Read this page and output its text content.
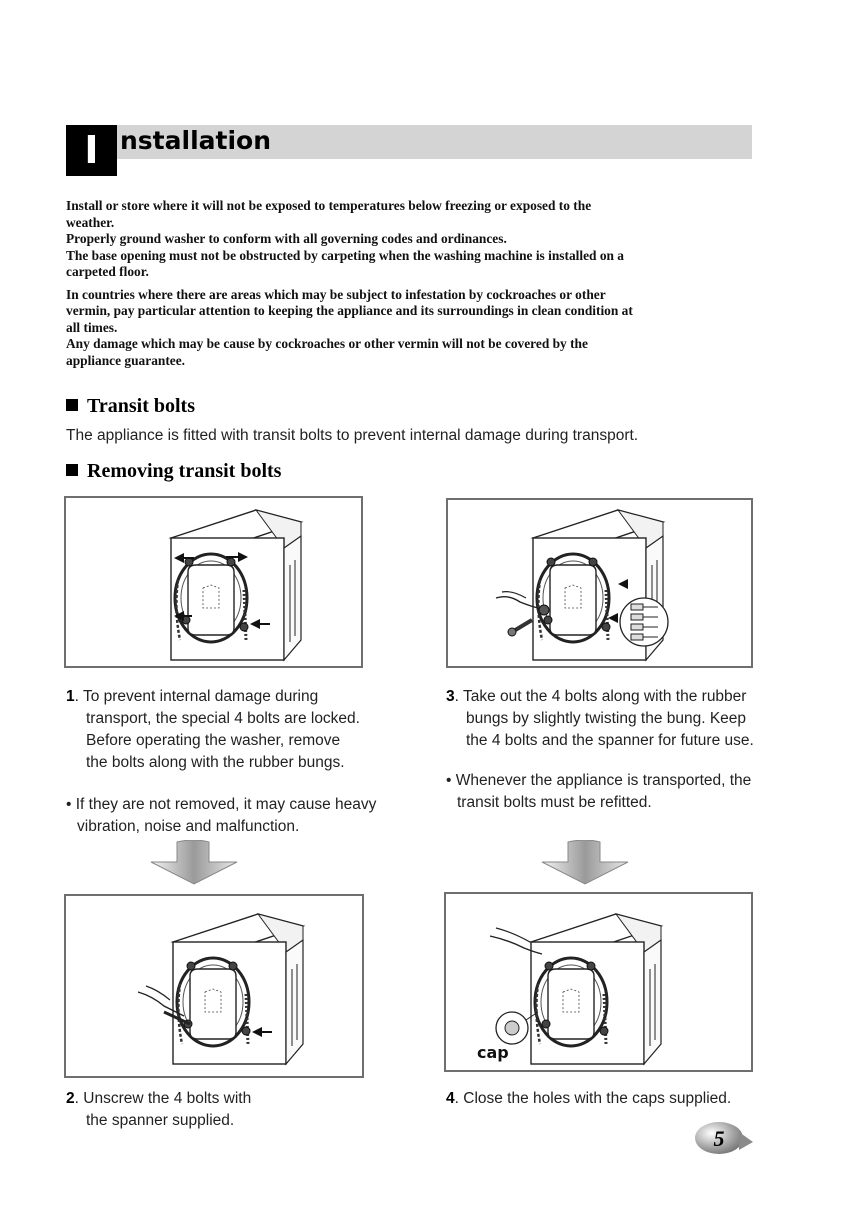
I nstallation

Install or store where it will not be exposed to temperatures below freezing or exposed to the
weather.

Properly ground washer to conform with all governing codes and ordinances.

The base opening must not be obstructed by carpeting when the washing machine is installed on a
carpeted floor.

In countries where there are areas which may be subject to infestation by cockroaches or other
vermin, pay particular attention to keeping the appliance and its surroundings in clean condition at
all times.

Any damage which may be cause by cockroaches or other vermin will not be covered by the
appliance guarantee.

Transit bolts
The appliance is fitted with transit bolts to prevent internal damage during transport.
Removing transit bolts
1. To prevent internal damage during
transport, the special 4 bolts are locked.
Before operating the washer, remove
the bolts along with the rubber bungs.
• If they are not removed, it may cause heavy
vibration, noise and malfunction.
3. Take out the 4 bolts along with the rubber
bungs by slightly twisting the bung. Keep
the 4 bolts and the spanner for future use.
• Whenever the appliance is transported, the
transit bolts must be refitted.
cap
2. Unscrew the 4 bolts with
the spanner supplied.
4. Close the holes with the caps supplied.
5
